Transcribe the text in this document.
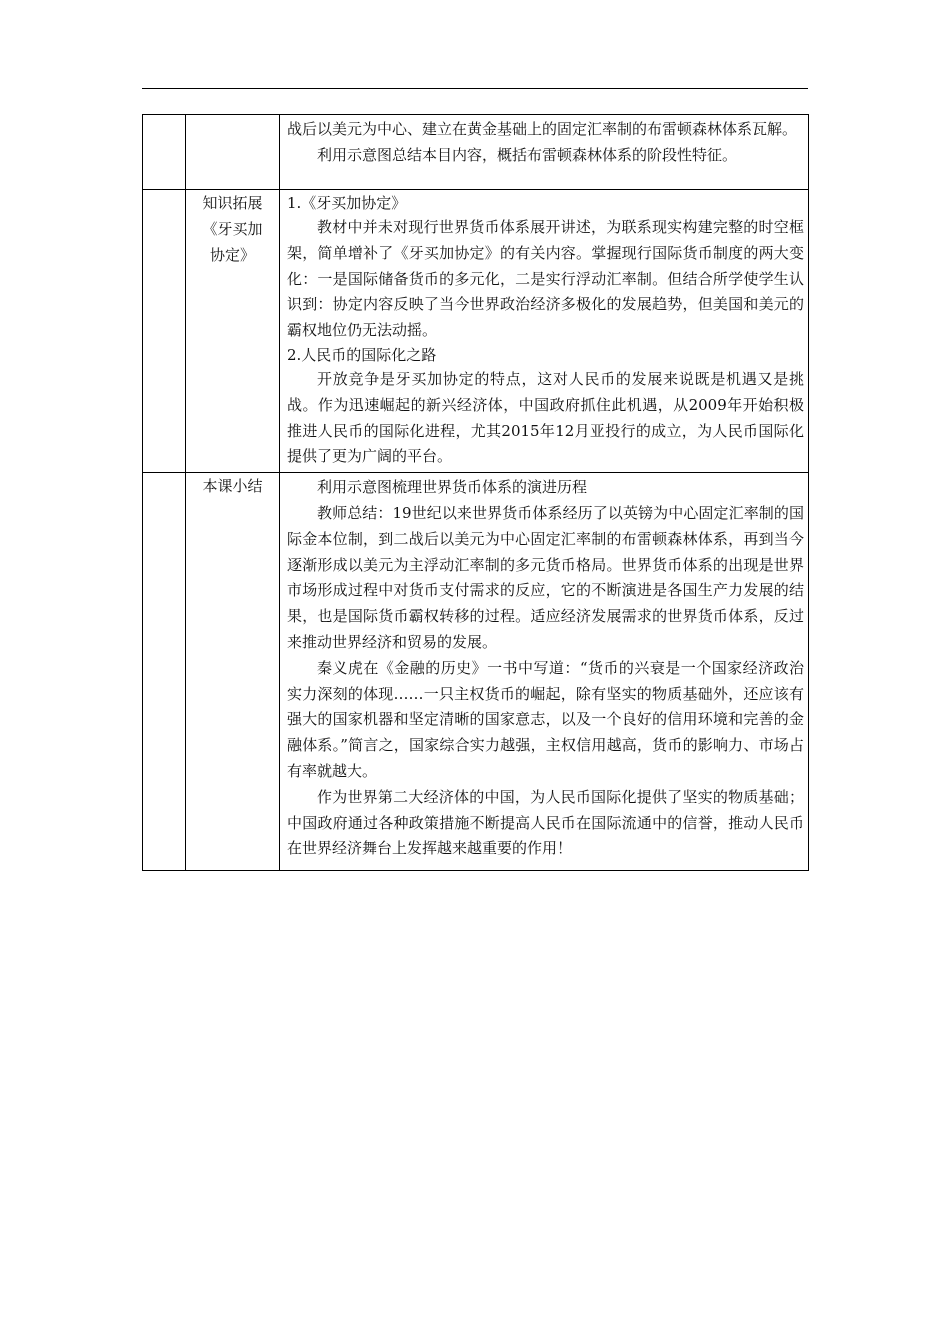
		战后以美元为中心、建立在黄金基础上的固定汇率制的布雷顿森林体系瓦解。

利用示意图总结本目内容，概括布雷顿森林体系的阶段性特征。

	知识拓展《牙买加协定》	1.《牙买加协定》

教材中并未对现行世界货币体系展开讲述，为联系现实构建完整的时空框架，简单增补了《牙买加协定》的有关内容。掌握现行国际货币制度的两大变化：一是国际储备货币的多元化，二是实行浮动汇率制。但结合所学使学生认识到：协定内容反映了当今世界政治经济多极化的发展趋势，但美国和美元的霸权地位仍无法动摇。

2.人民币的国际化之路

开放竞争是牙买加协定的特点，这对人民币的发展来说既是机遇又是挑战。作为迅速崛起的新兴经济体，中国政府抓住此机遇，从2009年开始积极推进人民币的国际化进程，尤其2015年12月亚投行的成立，为人民币国际化提供了更为广阔的平台。

	本课小结	利用示意图梳理世界货币体系的演进历程

教师总结：19世纪以来世界货币体系经历了以英镑为中心固定汇率制的国际金本位制，到二战后以美元为中心固定汇率制的布雷顿森林体系，再到当今逐渐形成以美元为主浮动汇率制的多元货币格局。世界货币体系的出现是世界市场形成过程中对货币支付需求的反应，它的不断演进是各国生产力发展的结果，也是国际货币霸权转移的过程。适应经济发展需求的世界货币体系，反过来推动世界经济和贸易的发展。

秦义虎在《金融的历史》一书中写道：“货币的兴衰是一个国家经济政治实力深刻的体现……一只主权货币的崛起，除有坚实的物质基础外，还应该有强大的国家机器和坚定清晰的国家意志，以及一个良好的信用环境和完善的金融体系。”简言之，国家综合实力越强，主权信用越高，货币的影响力、市场占有率就越大。

作为世界第二大经济体的中国，为人民币国际化提供了坚实的物质基础；中国政府通过各种政策措施不断提高人民币在国际流通中的信誉，推动人民币在世界经济舞台上发挥越来越重要的作用！
